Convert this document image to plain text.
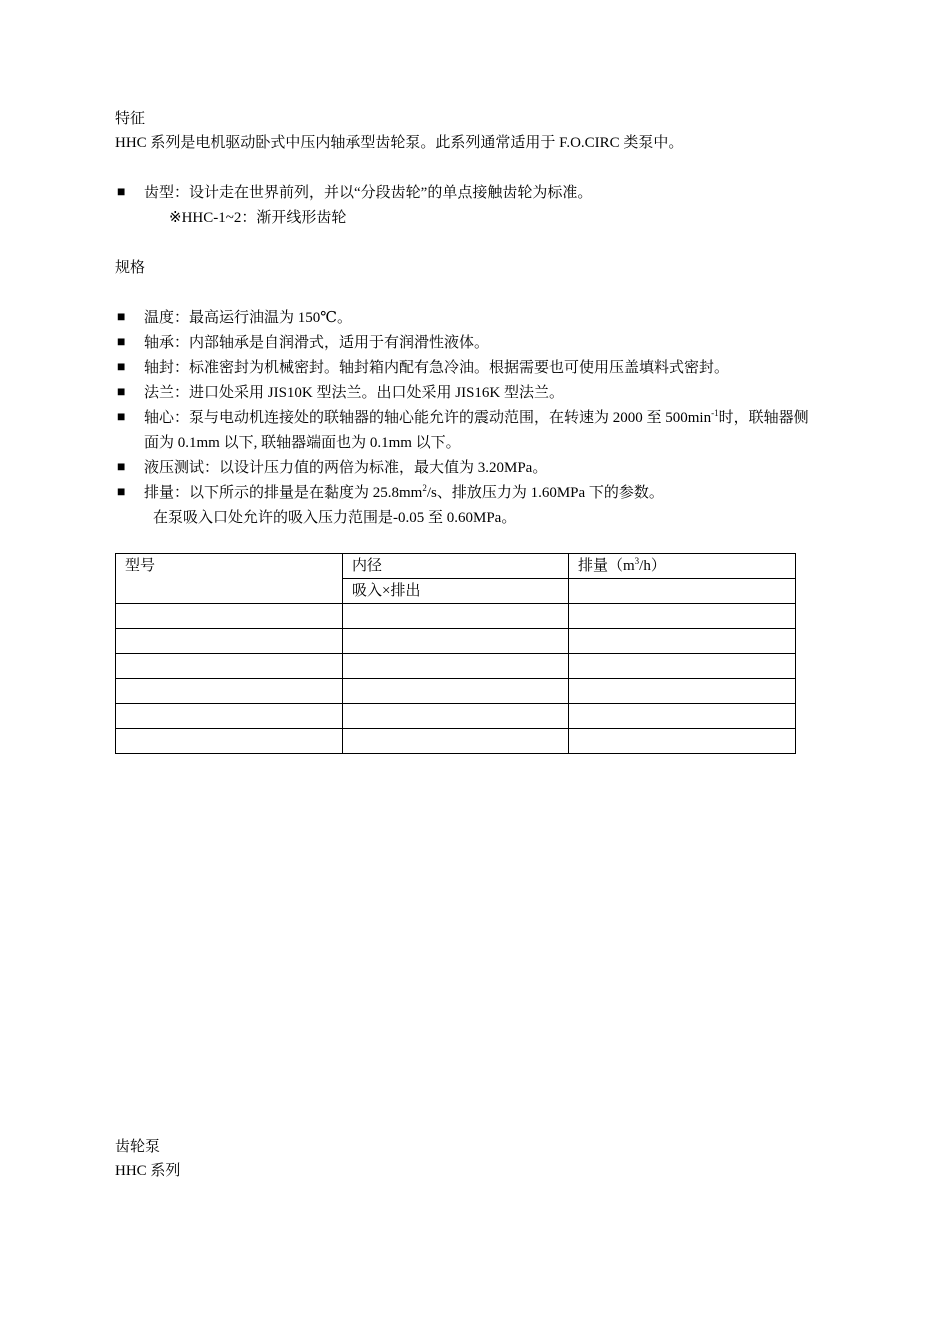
特征
HHC 系列是电机驱动卧式中压内轴承型齿轮泵。此系列通常适用于 F.O.CIRC 类泵中。
■	齿型：设计走在世界前列，并以“分段齿轮”的单点接触齿轮为标准。
※HHC-1~2：渐开线形齿轮
规格
■	温度：最高运行油温为 150℃。
■	轴承：内部轴承是自润滑式，适用于有润滑性液体。
■	轴封：标准密封为机械密封。轴封箱内配有急冷油。根据需要也可使用压盖填料式密封。
■	法兰：进口处采用 JIS10K 型法兰。出口处采用 JIS16K 型法兰。
■	轴心：泵与电动机连接处的联轴器的轴心能允许的震动范围，在转速为 2000 至 $500\min^{-1}$时，联轴器侧
面为 0.1mm 以下, 联轴器端面也为 0.1mm 以下。
■	液压测试：以设计压力值的两倍为标准，最大值为 3.20MPa。
■	排量：以下所示的排量是在黏度为 $25.8mm^2/s$、排放压力为 1.60MPa 下的参数。
在泵吸入口处允许的吸入压力范围是-0.05 至 0.60MPa。
型号	内径	排量$(m^3/h)$
	吸入×排出	

齿轮泵
HHC 系列
